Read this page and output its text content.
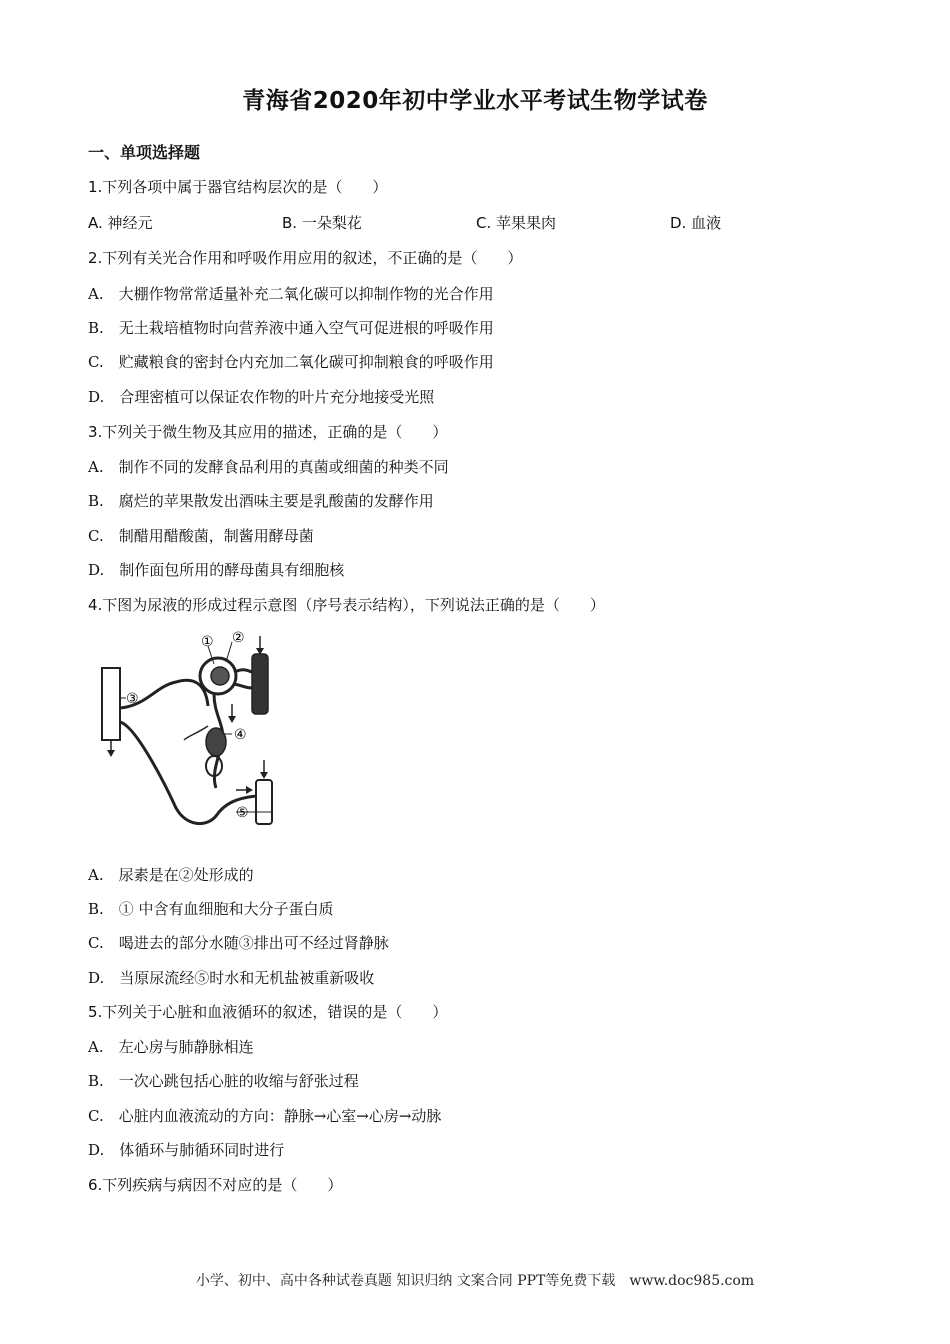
青海省2020年初中学业水平考试生物学试卷
一、单项选择题
1.下列各项中属于器官结构层次的是（　　）
A. 神经元	B. 一朵梨花	C. 苹果果肉	D. 血液
2.下列有关光合作用和呼吸作用应用的叙述，不正确的是（　　）
A.　大棚作物常常适量补充二氧化碳可以抑制作物的光合作用
B.　无土栽培植物时向营养液中通入空气可促进根的呼吸作用
C.　贮藏粮食的密封仓内充加二氧化碳可抑制粮食的呼吸作用
D.　合理密植可以保证农作物的叶片充分地接受光照
3.下列关于微生物及其应用的描述，正确的是（　　）
A.　制作不同的发酵食品利用的真菌或细菌的种类不同
B.　腐烂的苹果散发出酒味主要是乳酸菌的发酵作用
C.　制醋用醋酸菌，制酱用酵母菌
D.　制作面包所用的酵母菌具有细胞核
4.下图为尿液的形成过程示意图（序号表示结构），下列说法正确的是（　　）
① ②
③
④
⑤
A.　尿素是在②处形成的
B.　① 中含有血细胞和大分子蛋白质
C.　喝进去的部分水随③排出可不经过肾静脉
D.　当原尿流经⑤时水和无机盐被重新吸收
5.下列关于心脏和血液循环的叙述，错误的是（　　）
A.　左心房与肺静脉相连
B.　一次心跳包括心脏的收缩与舒张过程
C.　心脏内血液流动的方向：静脉→心室→心房→动脉
D.　体循环与肺循环同时进行
6.下列疾病与病因不对应的是（　　）
小学、初中、高中各种试卷真题 知识归纳 文案合同 PPT等免费下载　www.doc985.com
